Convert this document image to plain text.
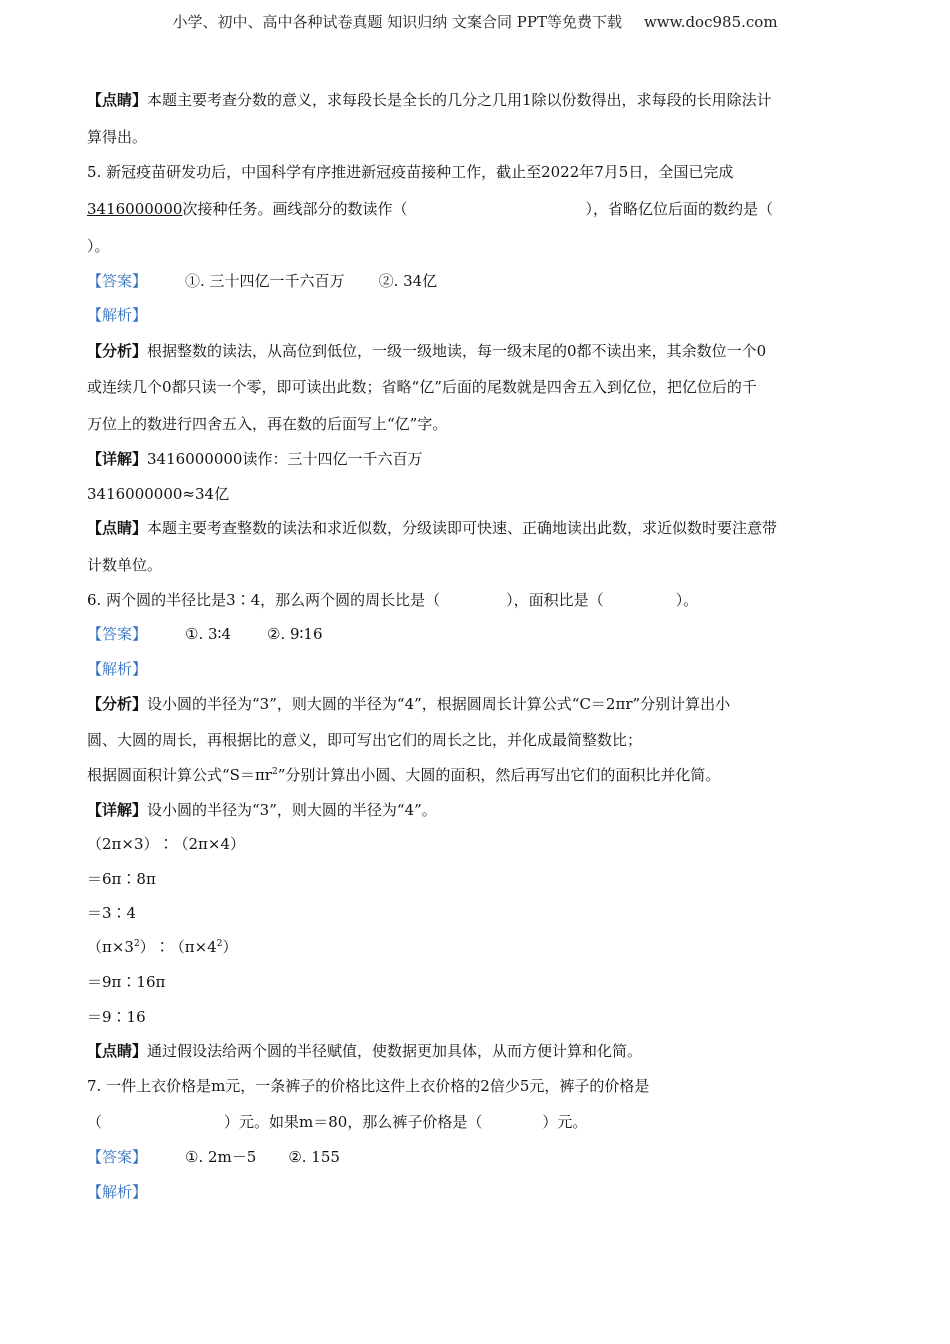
小学、初中、高中各种试卷真题 知识归纳 文案合同 PPT等免费下载 www.doc985.com
【点睛】本题主要考查分数的意义，求每段长是全长的几分之几用1除以份数得出，求每段的长用除法计
算得出。
5. 新冠疫苗研发功后，中国科学有序推进新冠疫苗接种工作，截止至2022年7月5日，全国已完成
3416000000次接种任务。画线部分的数读作（	），省略亿位后面的数约是（
）。
【答案】	①. 三十四亿一千六百万 ②. 34亿
【解析】
【分析】根据整数的读法，从高位到低位，一级一级地读，每一级末尾的0都不读出来，其余数位一个0
或连续几个0都只读一个零，即可读出此数；省略“亿”后面的尾数就是四舍五入到亿位，把亿位后的千
万位上的数进行四舍五入，再在数的后面写上“亿”字。
【详解】3416000000读作：三十四亿一千六百万
3416000000≈34亿
【点睛】本题主要考查整数的读法和求近似数，分级读即可快速、正确地读出此数，求近似数时要注意带
计数单位。
6. 两个圆的半径比是3∶4，那么两个圆的周长比是（	），面积比是（	）。
【答案】	①. 3∶4 ②. 9∶16
【解析】
【分析】设小圆的半径为“3”，则大圆的半径为“4”，根据圆周长计算公式“C＝2πr”分别计算出小
圆、大圆的周长，再根据比的意义，即可写出它们的周长之比，并化成最简整数比；
根据圆面积计算公式“$S=\pi r^2$”分别计算出小圆、大圆的面积，然后再写出它们的面积比并化简。
【详解】设小圆的半径为“3”，则大圆的半径为“4”。
（2π×3）∶（2π×4）
＝6π∶8π
＝3∶4
$(\pi\times 3^2)∶(\pi\times 4^2)$
＝9π∶16π
＝9∶16
【点睛】通过假设法给两个圆的半径赋值，使数据更加具体，从而方便计算和化简。
7. 一件上衣价格是m元，一条裤子的价格比这件上衣价格的2倍少5元，裤子的价格是
（	）元。如果m＝80，那么裤子价格是（	）元。
【答案】	①. 2m－5 ②. 155
【解析】
